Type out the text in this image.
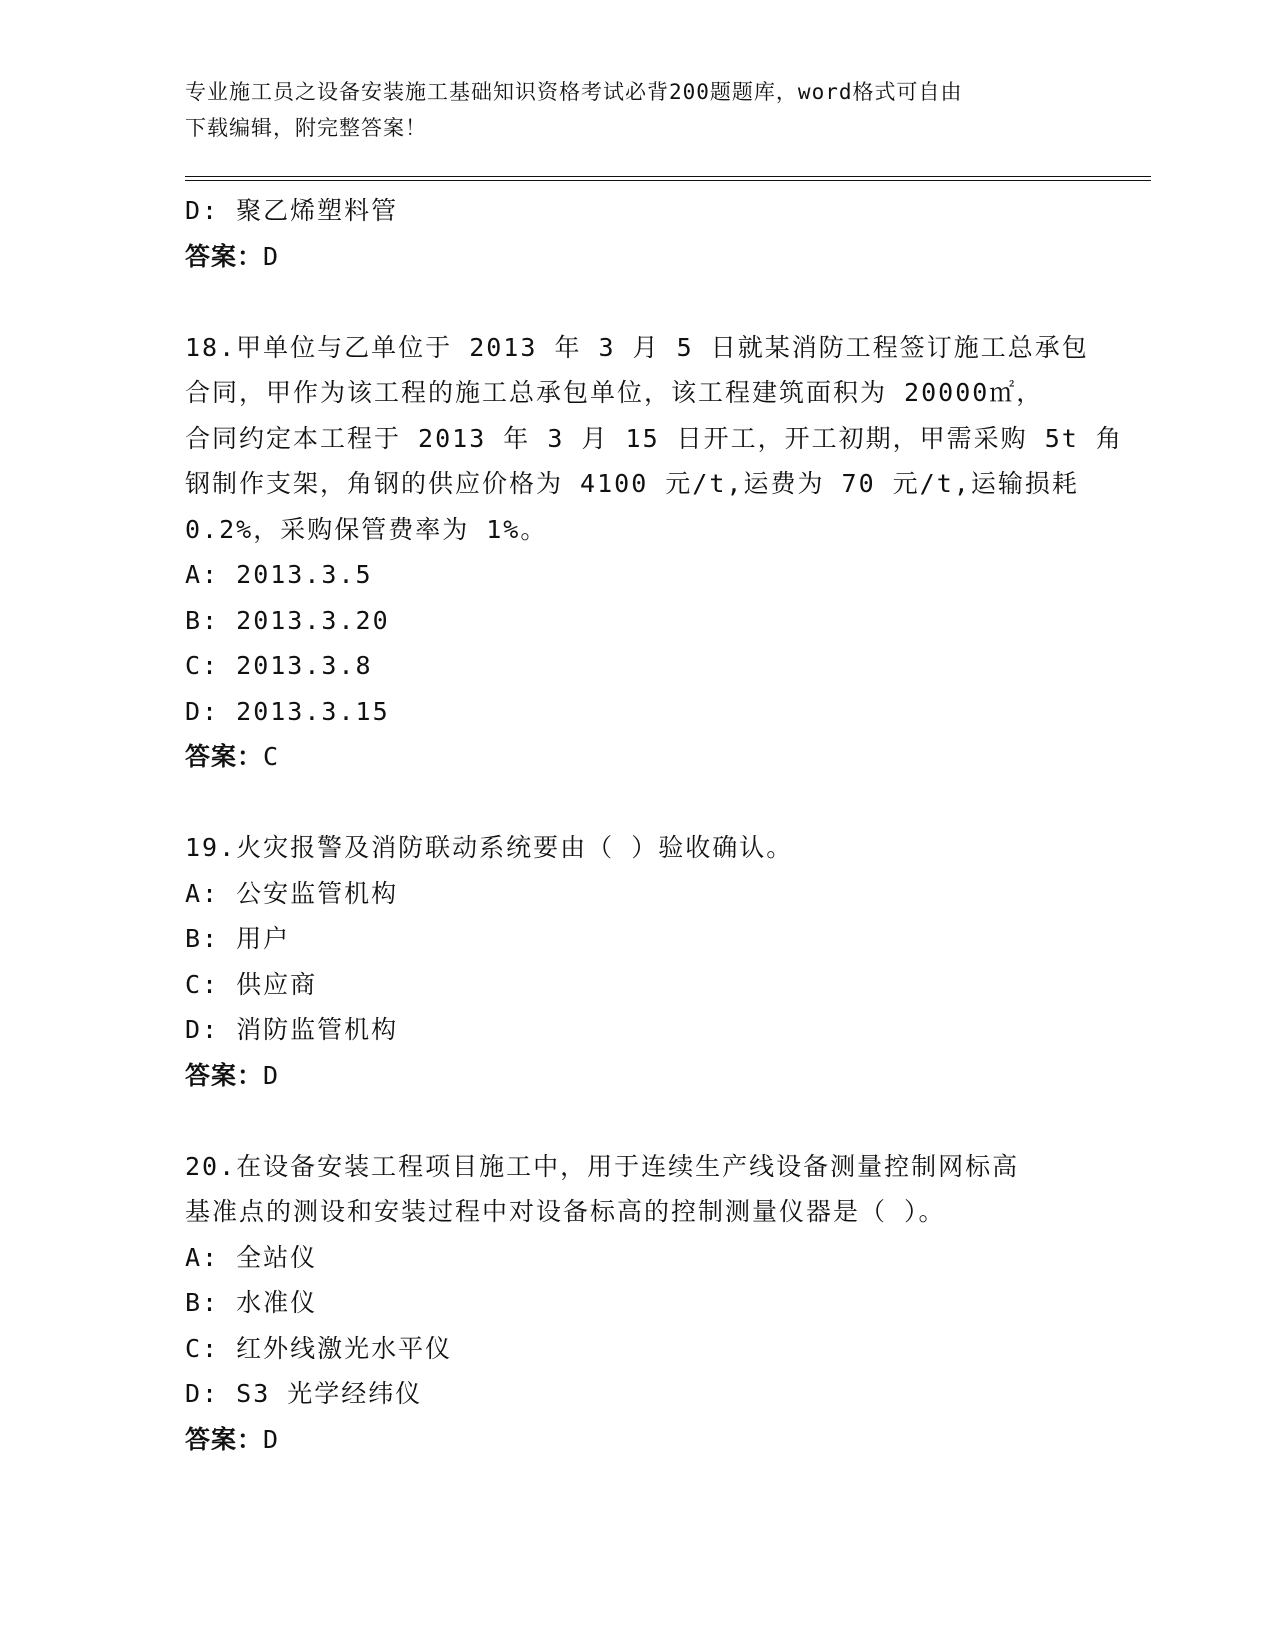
专业施工员之设备安装施工基础知识资格考试必背200题题库，word格式可自由
下载编辑，附完整答案！
D: 聚乙烯塑料管
答案：D
18.甲单位与乙单位于 2013 年 3 月 5 日就某消防工程签订施工总承包
合同，甲作为该工程的施工总承包单位，该工程建筑面积为 20000㎡，
合同约定本工程于 2013 年 3 月 15 日开工，开工初期，甲需采购 5t 角
钢制作支架，角钢的供应价格为 4100 元/t,运费为 70 元/t,运输损耗
0.2%，采购保管费率为 1%。
A: 2013.3.5
B: 2013.3.20
C: 2013.3.8
D: 2013.3.15
答案：C
19.火灾报警及消防联动系统要由（ ）验收确认。
A: 公安监管机构
B: 用户
C: 供应商
D: 消防监管机构
答案：D
20.在设备安装工程项目施工中，用于连续生产线设备测量控制网标高
基准点的测设和安装过程中对设备标高的控制测量仪器是（ ）。
A: 全站仪
B: 水准仪
C: 红外线激光水平仪
D: S3 光学经纬仪
答案：D
